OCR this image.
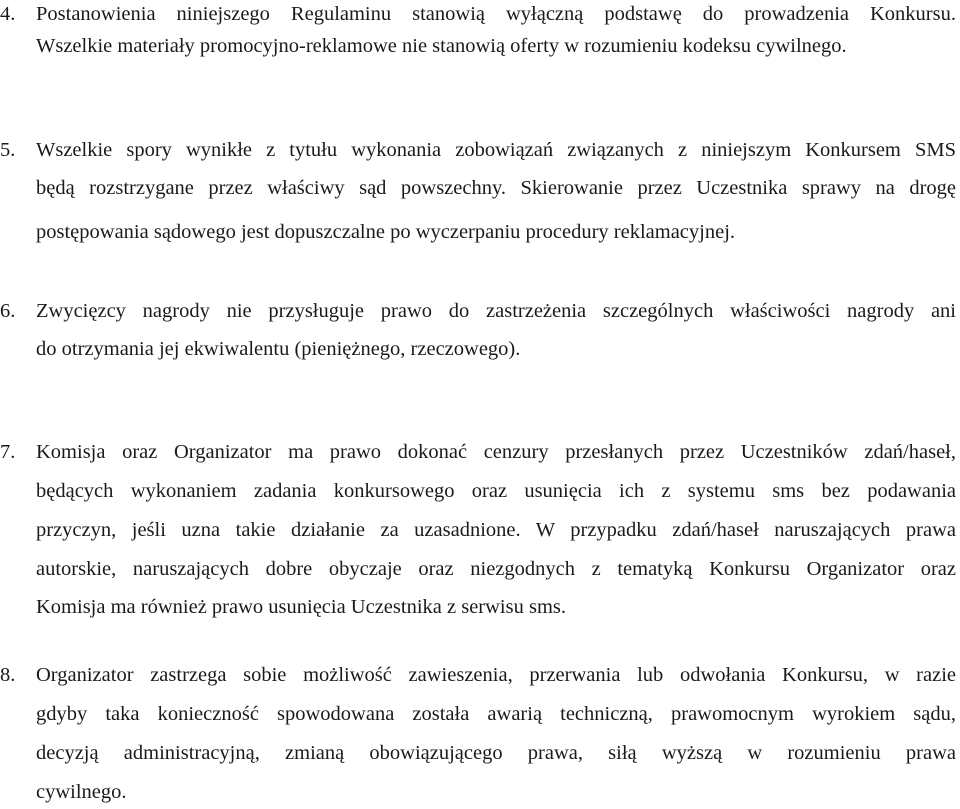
4. Postanowienia niniejszego Regulaminu stanowią wyłączną podstawę do prowadzenia Konkursu.
Wszelkie materiały promocyjno-reklamowe nie stanowią oferty w rozumieniu kodeksu cywilnego.
5. Wszelkie spory wynikłe z tytułu wykonania zobowiązań związanych z niniejszym Konkursem SMS
będą rozstrzygane przez właściwy sąd powszechny. Skierowanie przez Uczestnika sprawy na drogę
postępowania sądowego jest dopuszczalne po wyczerpaniu procedury reklamacyjnej.
6. Zwycięzcy nagrody nie przysługuje prawo do zastrzeżenia szczególnych właściwości nagrody ani
do otrzymania jej ekwiwalentu (pieniężnego, rzeczowego).
7. Komisja oraz Organizator ma prawo dokonać cenzury przesłanych przez Uczestników zdań/haseł,
będących wykonaniem zadania konkursowego oraz usunięcia ich z systemu sms bez podawania
przyczyn, jeśli uzna takie działanie za uzasadnione. W przypadku zdań/haseł naruszających prawa
autorskie, naruszających dobre obyczaje oraz niezgodnych z tematyką Konkursu Organizator oraz
Komisja ma również prawo usunięcia Uczestnika z serwisu sms.
8. Organizator zastrzega sobie możliwość zawieszenia, przerwania lub odwołania Konkursu, w razie
gdyby taka konieczność spowodowana została awarią techniczną, prawomocnym wyrokiem sądu,
decyzją administracyjną, zmianą obowiązującego prawa, siłą wyższą w rozumieniu prawa
cywilnego.
